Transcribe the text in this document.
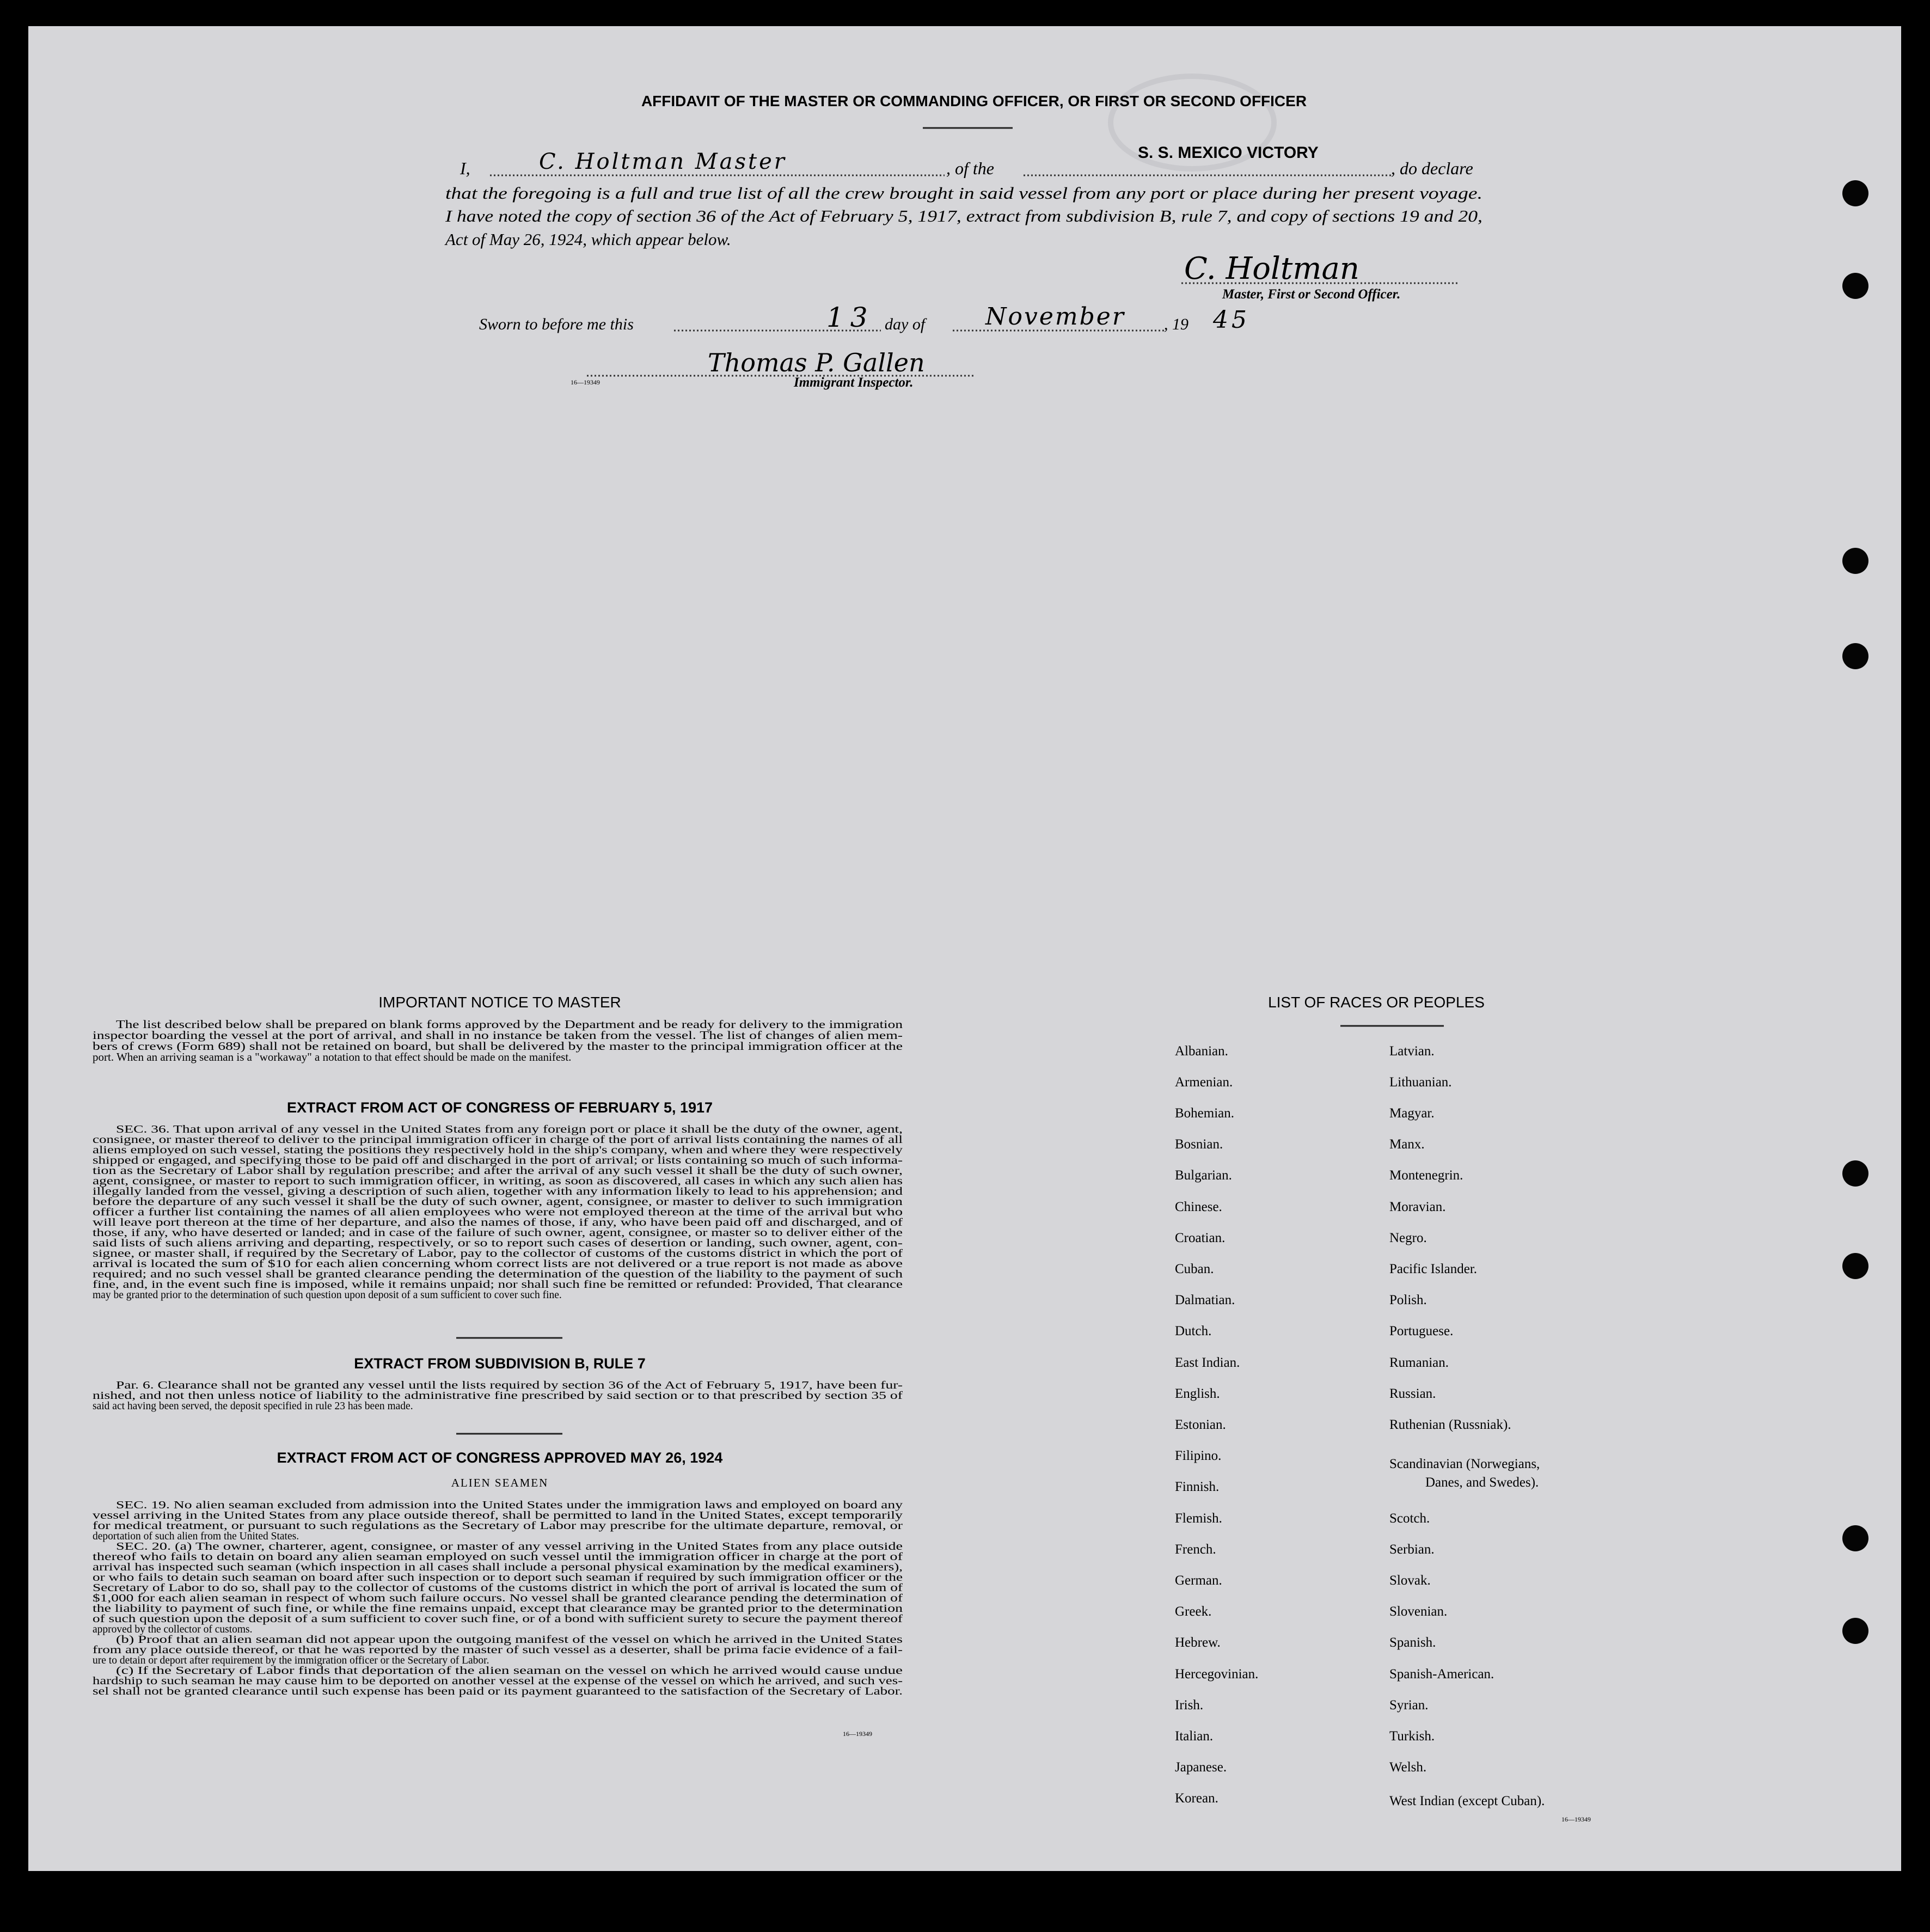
AFFIDAVIT OF THE MASTER OR COMMANDING OFFICER, OR FIRST OR SECOND OFFICER
I,	C. Holtman Master	, of the
S. S. MEXICO VICTORY
, do declare
that the foregoing is a full and true list of all the crew brought in said vessel from any port or place during her present voyage.
I have noted the copy of section 36 of the Act of February 5, 1917, extract from subdivision B, rule 7, and copy of sections 19 and 20,
Act of May 26, 1924, which appear below.
C. Holtman
Master, First or Second Officer.
Sworn to before me this	13 day of	November , 19 45
16—19349
Thomas P. Gallen
Immigrant Inspector.
IMPORTANT NOTICE TO MASTER
The list described below shall be prepared on blank forms approved by the Department and be ready for delivery to the immigration
inspector boarding the vessel at the port of arrival, and shall in no instance be taken from the vessel. The list of changes of alien mem-
bers of crews (Form 689) shall not be retained on board, but shall be delivered by the master to the principal immigration officer at the
port. When an arriving seaman is a "workaway" a notation to that effect should be made on the manifest.
EXTRACT FROM ACT OF CONGRESS OF FEBRUARY 5, 1917
SEC. 36. That upon arrival of any vessel in the United States from any foreign port or place it shall be the duty of the owner, agent,
consignee, or master thereof to deliver to the principal immigration officer in charge of the port of arrival lists containing the names of all
aliens employed on such vessel, stating the positions they respectively hold in the ship's company, when and where they were respectively
shipped or engaged, and specifying those to be paid off and discharged in the port of arrival; or lists containing so much of such informa-
tion as the Secretary of Labor shall by regulation prescribe; and after the arrival of any such vessel it shall be the duty of such owner,
agent, consignee, or master to report to such immigration officer, in writing, as soon as discovered, all cases in which any such alien has
illegally landed from the vessel, giving a description of such alien, together with any information likely to lead to his apprehension; and
before the departure of any such vessel it shall be the duty of such owner, agent, consignee, or master to deliver to such immigration
officer a further list containing the names of all alien employees who were not employed thereon at the time of the arrival but who
will leave port thereon at the time of her departure, and also the names of those, if any, who have been paid off and discharged, and of
those, if any, who have deserted or landed; and in case of the failure of such owner, agent, consignee, or master so to deliver either of the
said lists of such aliens arriving and departing, respectively, or so to report such cases of desertion or landing, such owner, agent, con-
signee, or master shall, if required by the Secretary of Labor, pay to the collector of customs of the customs district in which the port of
arrival is located the sum of $10 for each alien concerning whom correct lists are not delivered or a true report is not made as above
required; and no such vessel shall be granted clearance pending the determination of the question of the liability to the payment of such
fine, and, in the event such fine is imposed, while it remains unpaid; nor shall such fine be remitted or refunded: Provided, That clearance
may be granted prior to the determination of such question upon deposit of a sum sufficient to cover such fine.
EXTRACT FROM SUBDIVISION B, RULE 7
Par. 6. Clearance shall not be granted any vessel until the lists required by section 36 of the Act of February 5, 1917, have been fur-
nished, and not then unless notice of liability to the administrative fine prescribed by said section or to that prescribed by section 35 of
said act having been served, the deposit specified in rule 23 has been made.
EXTRACT FROM ACT OF CONGRESS APPROVED MAY 26, 1924
ALIEN SEAMEN
SEC. 19. No alien seaman excluded from admission into the United States under the immigration laws and employed on board any
vessel arriving in the United States from any place outside thereof, shall be permitted to land in the United States, except temporarily
for medical treatment, or pursuant to such regulations as the Secretary of Labor may prescribe for the ultimate departure, removal, or
deportation of such alien from the United States.
SEC. 20. (a) The owner, charterer, agent, consignee, or master of any vessel arriving in the United States from any place outside
thereof who fails to detain on board any alien seaman employed on such vessel until the immigration officer in charge at the port of
arrival has inspected such seaman (which inspection in all cases shall include a personal physical examination by the medical examiners),
or who fails to detain such seaman on board after such inspection or to deport such seaman if required by such immigration officer or the
Secretary of Labor to do so, shall pay to the collector of customs of the customs district in which the port of arrival is located the sum of
$1,000 for each alien seaman in respect of whom such failure occurs. No vessel shall be granted clearance pending the determination of
the liability to payment of such fine, or while the fine remains unpaid, except that clearance may be granted prior to the determination
of such question upon the deposit of a sum sufficient to cover such fine, or of a bond with sufficient surety to secure the payment thereof
approved by the collector of customs.
(b) Proof that an alien seaman did not appear upon the outgoing manifest of the vessel on which he arrived in the United States
from any place outside thereof, or that he was reported by the master of such vessel as a deserter, shall be prima facie evidence of a fail-
ure to detain or deport after requirement by the immigration officer or the Secretary of Labor.
(c) If the Secretary of Labor finds that deportation of the alien seaman on the vessel on which he arrived would cause undue
hardship to such seaman he may cause him to be deported on another vessel at the expense of the vessel on which he arrived, and such ves-
sel shall not be granted clearance until such expense has been paid or its payment guaranteed to the satisfaction of the Secretary of Labor.
16—19349
LIST OF RACES OR PEOPLES
Albanian.
Armenian.
Bohemian.
Bosnian.
Bulgarian.
Chinese.
Croatian.
Cuban.
Dalmatian.
Dutch.
East Indian.
English.
Estonian.
Filipino.
Finnish.
Flemish.
French.
German.
Greek.
Hebrew.
Hercegovinian.
Irish.
Italian.
Japanese.
Korean.
Latvian.
Lithuanian.
Magyar.
Manx.
Montenegrin.
Moravian.
Negro.
Pacific Islander.
Polish.
Portuguese.
Rumanian.
Russian.
Ruthenian (Russniak).
Scandinavian (Norwegians,
Danes, and Swedes).
Scotch.
Serbian.
Slovak.
Slovenian.
Spanish.
Spanish-American.
Syrian.
Turkish.
Welsh.
West Indian (except Cuban).
16—19349
